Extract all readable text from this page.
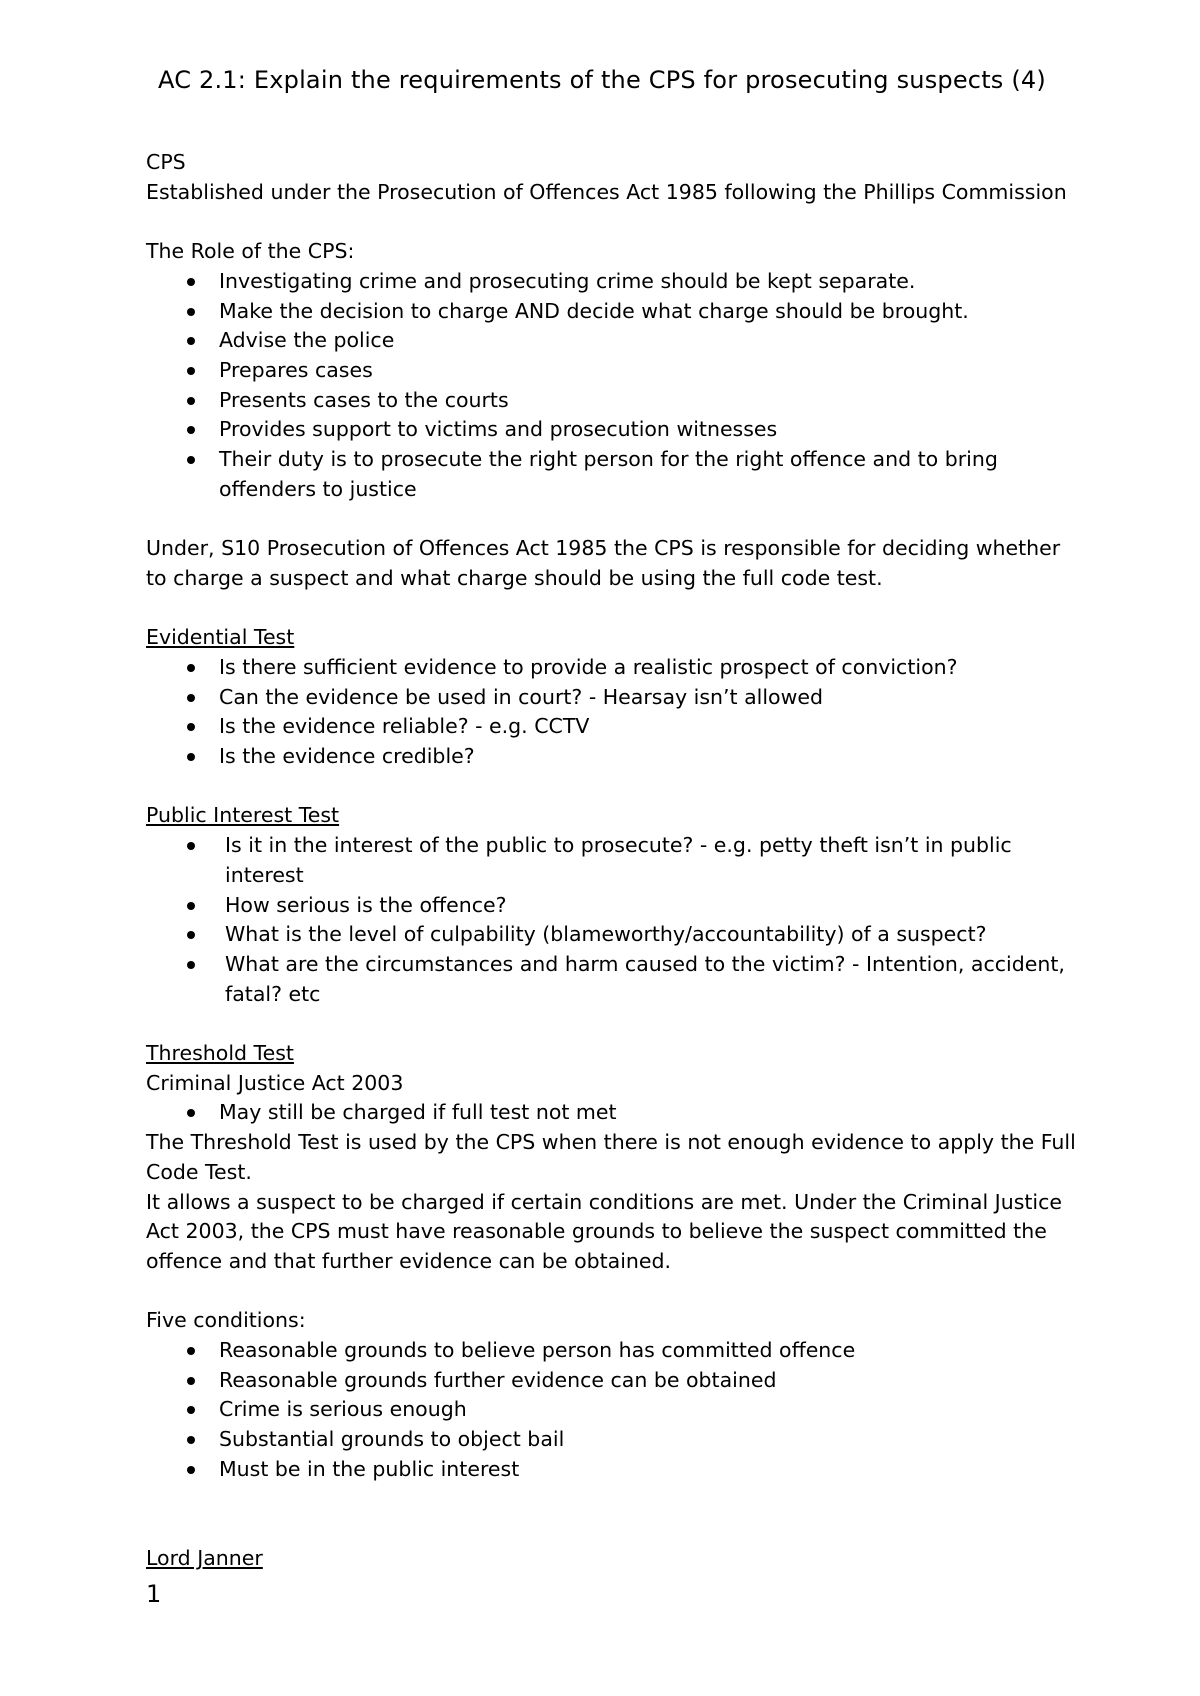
AC 2.1: Explain the requirements of the CPS for prosecuting suspects (4)

CPS

Established under the Prosecution of Offences Act 1985 following the Phillips Commission

The Role of the CPS:

Investigating crime and prosecuting crime should be kept separate.
Make the decision to charge AND decide what charge should be brought.
Advise the police
Prepares cases
Presents cases to the courts
Provides support to victims and prosecution witnesses
Their duty is to prosecute the right person for the right offence and to bring offenders to justice

Under, S10 Prosecution of Offences Act 1985 the CPS is responsible for deciding whether to charge a suspect and what charge should be using the full code test.

Evidential Test

Is there sufficient evidence to provide a realistic prospect of conviction?
Can the evidence be used in court? - Hearsay isn’t allowed
Is the evidence reliable? - e.g. CCTV
Is the evidence credible?

Public Interest Test

Is it in the interest of the public to prosecute? - e.g. petty theft isn’t in public interest
How serious is the offence?
What is the level of culpability (blameworthy/accountability) of a suspect?
What are the circumstances and harm caused to the victim? - Intention, accident, fatal? etc

Threshold Test

Criminal Justice Act 2003

May still be charged if full test not met

The Threshold Test is used by the CPS when there is not enough evidence to apply the Full Code Test.

It allows a suspect to be charged if certain conditions are met. Under the Criminal Justice Act 2003, the CPS must have reasonable grounds to believe the suspect committed the offence and that further evidence can be obtained.

Five conditions:

Reasonable grounds to believe person has committed offence
Reasonable grounds further evidence can be obtained
Crime is serious enough
Substantial grounds to object bail
Must be in the public interest

Lord Janner

1
